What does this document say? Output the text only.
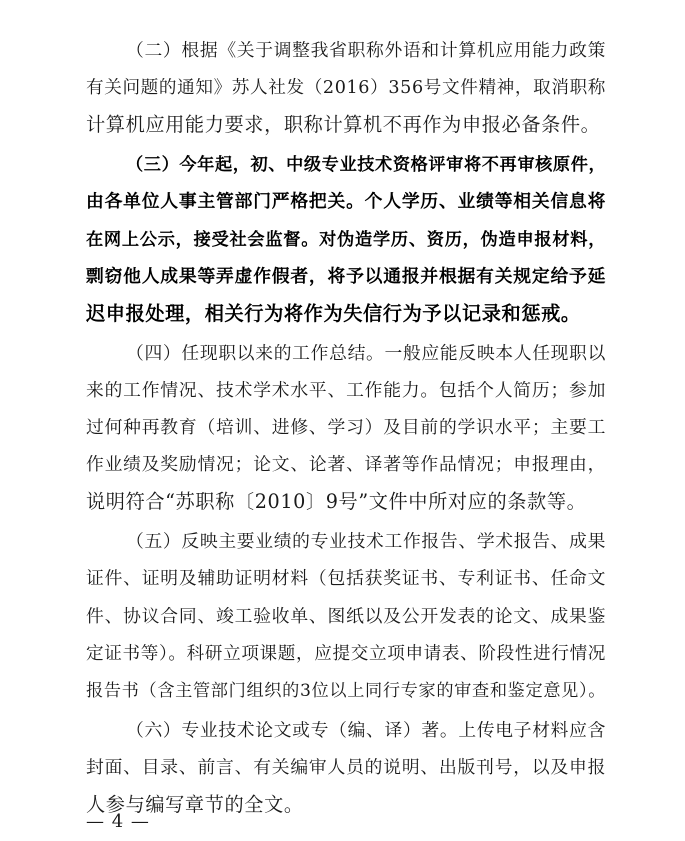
（二）根据《关于调整我省职称外语和计算机应用能力政策
有关问题的通知》苏人社发（2016）356号文件精神，取消职称
计算机应用能力要求，职称计算机不再作为申报必备条件。
（三）今年起，初、中级专业技术资格评审将不再审核原件，
由各单位人事主管部门严格把关。个人学历、业绩等相关信息将
在网上公示，接受社会监督。对伪造学历、资历，伪造申报材料，
剽窃他人成果等弄虚作假者，将予以通报并根据有关规定给予延
迟申报处理，相关行为将作为失信行为予以记录和惩戒。
（四）任现职以来的工作总结。一般应能反映本人任现职以
来的工作情况、技术学术水平、工作能力。包括个人简历；参加
过何种再教育（培训、进修、学习）及目前的学识水平；主要工
作业绩及奖励情况；论文、论著、译著等作品情况；申报理由，
说明符合“苏职称〔2010〕9号”文件中所对应的条款等。
（五）反映主要业绩的专业技术工作报告、学术报告、成果
证件、证明及辅助证明材料（包括获奖证书、专利证书、任命文
件、协议合同、竣工验收单、图纸以及公开发表的论文、成果鉴
定证书等）。科研立项课题，应提交立项申请表、阶段性进行情况
报告书（含主管部门组织的3位以上同行专家的审查和鉴定意见）。
（六）专业技术论文或专（编、译）著。上传电子材料应含
封面、目录、前言、有关编审人员的说明、出版刊号，以及申报
人参与编写章节的全文。
— 4 —
